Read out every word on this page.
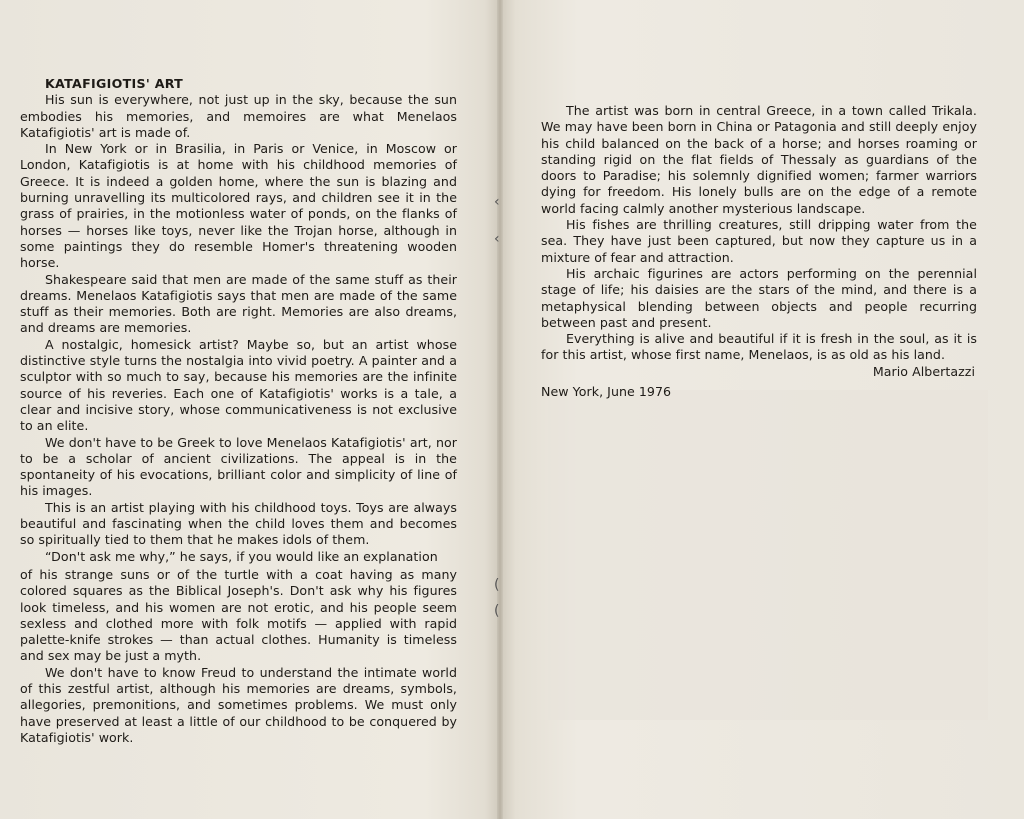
‹
‹
(
(

KATAFIGIOTIS' ART

His sun is everywhere, not just up in the sky, because the sun embodies his memories, and memoires are what Menelaos Katafigiotis' art is made of.

In New York or in Brasilia, in Paris or Venice, in Moscow or London, Katafigiotis is at home with his childhood memories of Greece. It is indeed a golden home, where the sun is blazing and burning unravelling its multicolored rays, and children see it in the grass of prairies, in the motionless water of ponds, on the flanks of horses — horses like toys, never like the Trojan horse, although in some paintings they do resemble Homer's threatening wooden horse.

Shakespeare said that men are made of the same stuff as their dreams. Menelaos Katafigiotis says that men are made of the same stuff as their memories. Both are right. Memories are also dreams, and dreams are memories.

A nostalgic, homesick artist? Maybe so, but an artist whose distinctive style turns the nostalgia into vivid poetry. A painter and a sculptor with so much to say, because his memories are the infinite source of his reveries. Each one of Katafigiotis' works is a tale, a clear and incisive story, whose communicativeness is not exclusive to an elite.

We don't have to be Greek to love Menelaos Katafigiotis' art, nor to be a scholar of ancient civilizations. The appeal is in the spontaneity of his evocations, brilliant color and simplicity of line of his images.

This is an artist playing with his childhood toys. Toys are always beautiful and fascinating when the child loves them and becomes so spiritually tied to them that he makes idols of them.

“Don't ask me why,” he says, if you would like an explanation

of his strange suns or of the turtle with a coat having as many colored squares as the Biblical Joseph's. Don't ask why his figures look timeless, and his women are not erotic, and his people seem sexless and clothed more with folk motifs — applied with rapid palette-knife strokes — than actual clothes. Humanity is timeless and sex may be just a myth.

We don't have to know Freud to understand the intimate world of this zestful artist, although his memories are dreams, symbols, allegories, premonitions, and sometimes problems. We must only have preserved at least a little of our childhood to be conquered by Katafigiotis' work.

The artist was born in central Greece, in a town called Trikala. We may have been born in China or Patagonia and still deeply enjoy his child balanced on the back of a horse; and horses roaming or standing rigid on the flat fields of Thessaly as guardians of the doors to Paradise; his solemnly dignified women; farmer warriors dying for freedom. His lonely bulls are on the edge of a remote world facing calmly another mysterious landscape.

His fishes are thrilling creatures, still dripping water from the sea. They have just been captured, but now they capture us in a mixture of fear and attraction.

His archaic figurines are actors performing on the perennial stage of life; his daisies are the stars of the mind, and there is a metaphysical blending between objects and people recurring between past and present.

Everything is alive and beautiful if it is fresh in the soul, as it is for this artist, whose first name, Menelaos, is as old as his land.

Mario Albertazzi

New York, June 1976
